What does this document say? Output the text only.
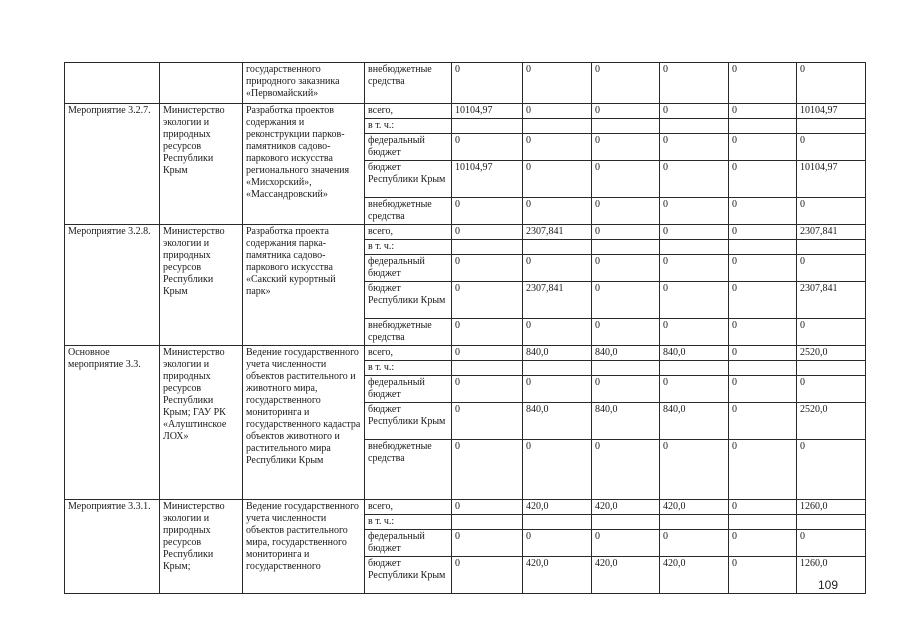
		государственного природного заказника «Первомайский»	внебюджетные средства	0	0	0	0	0	0
Мероприятие 3.2.7.	Министерство экологии и природных ресурсов Республики Крым	Разработка проектов содержания и реконструкции парков-памятников садово-паркового искусства регионального значения «Мисхорский», «Массандровский»	всего,	10104,97	0	0	0	0	10104,97
			в т. ч.:						
			федеральный бюджет	0	0	0	0	0	0
			бюджет Республики Крым	10104,97	0	0	0	0	10104,97
			внебюджетные средства	0	0	0	0	0	0
Мероприятие 3.2.8.	Министерство экологии и природных ресурсов Республики Крым	Разработка проекта содержания парка-памятника садово-паркового искусства «Сакский курортный парк»	всего,	0	2307,841	0	0	0	2307,841
			в т. ч.:						
			федеральный бюджет	0	0	0	0	0	0
			бюджет Республики Крым	0	2307,841	0	0	0	2307,841
			внебюджетные средства	0	0	0	0	0	0
Основное мероприятие 3.3.	Министерство экологии и природных ресурсов Республики Крым; ГАУ РК «Алуштинское ЛОХ»	Ведение государственного учета численности объектов растительного и животного мира, государственного мониторинга и государственного кадастра объектов животного и растительного мира Республики Крым	всего,	0	840,0	840,0	840,0	0	2520,0
			в т. ч.:						
			федеральный бюджет	0	0	0	0	0	0
			бюджет Республики Крым	0	840,0	840,0	840,0	0	2520,0
			внебюджетные средства	0	0	0	0	0	0
Мероприятие 3.3.1.	Министерство экологии и природных ресурсов Республики Крым;	Ведение государственного учета численности объектов растительного мира, государственного мониторинга и государственного	всего,	0	420,0	420,0	420,0	0	1260,0
			в т. ч.:						
			федеральный бюджет	0	0	0	0	0	0
			бюджет Республики Крым	0	420,0	420,0	420,0	0	1260,0
109
